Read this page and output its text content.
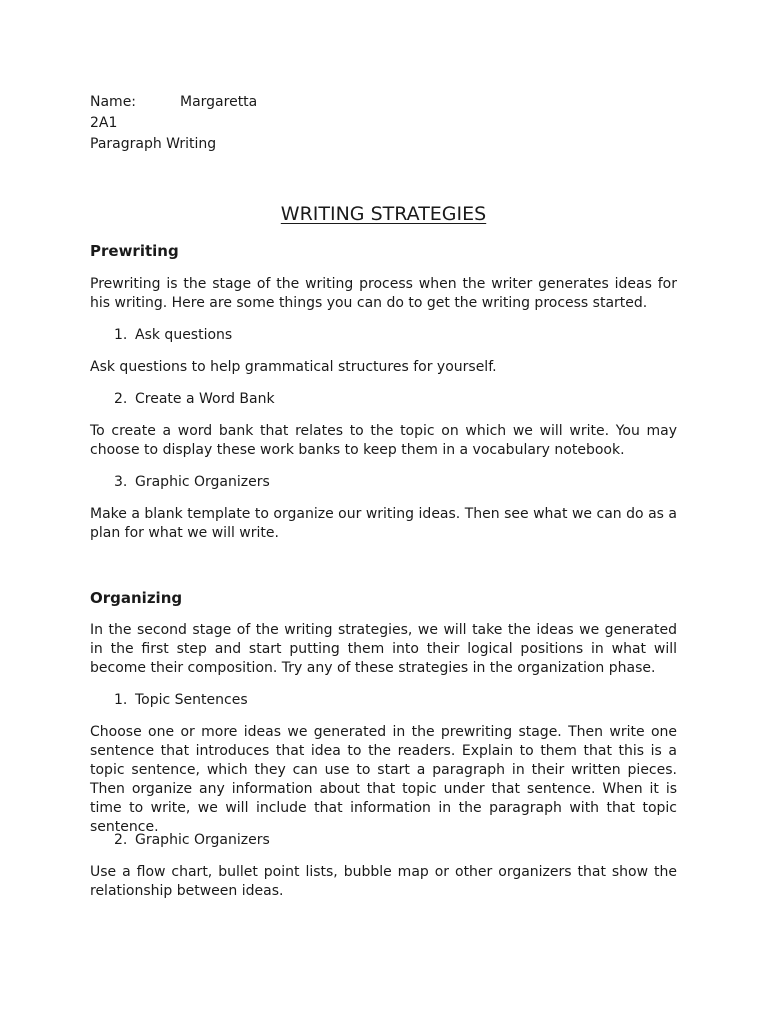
Name:	Margaretta
2A1
Paragraph Writing
WRITING STRATEGIES
Prewriting

Prewriting is the stage of the writing process when the writer generates ideas for his writing. Here are some things you can do to get the writing process started.

1. Ask questions

Ask questions to help grammatical structures for yourself.

2. Create a Word Bank

To create a word bank that relates to the topic on which we will write. You may choose to display these work banks to keep them in a vocabulary notebook.

3. Graphic Organizers

Make a blank template to organize our writing ideas. Then see what we can do as a plan for what we will write.

Organizing

In the second stage of the writing strategies, we will take the ideas we generated in the first step and start putting them into their logical positions in what will become their composition. Try any of these strategies in the organization phase.

1. Topic Sentences

Choose one or more ideas we generated in the prewriting stage. Then write one sentence that introduces that idea to the readers. Explain to them that this is a topic sentence, which they can use to start a paragraph in their written pieces. Then organize any information about that topic under that sentence. When it is time to write, we will include that information in the paragraph with that topic sentence.

2. Graphic Organizers

Use a flow chart, bullet point lists, bubble map or other organizers that show the relationship between ideas.
